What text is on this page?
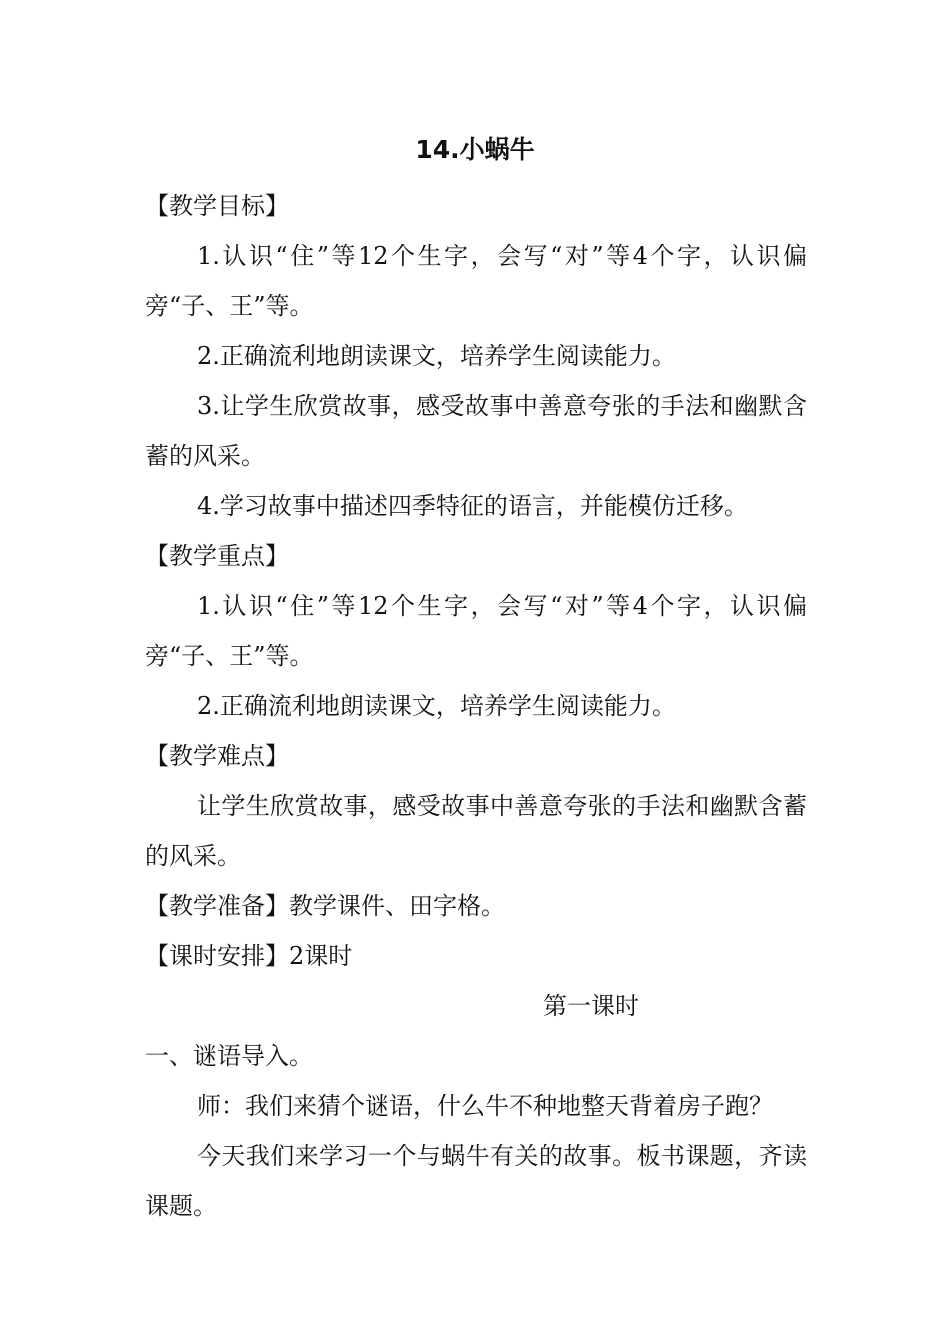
14.小蜗牛

【教学目标】

1.认识“住”等12个生字，会写“对”等4个字，认识偏旁“子、王”等。

2.正确流利地朗读课文，培养学生阅读能力。

3.让学生欣赏故事，感受故事中善意夸张的手法和幽默含蓄的风采。

4.学习故事中描述四季特征的语言，并能模仿迁移。

【教学重点】

1.认识“住”等12个生字，会写“对”等4个字，认识偏旁“子、王”等。

2.正确流利地朗读课文，培养学生阅读能力。

【教学难点】

让学生欣赏故事，感受故事中善意夸张的手法和幽默含蓄的风采。

【教学准备】教学课件、田字格。

【课时安排】2课时

第一课时

一、谜语导入。

师：我们来猜个谜语，什么牛不种地整天背着房子跑？

今天我们来学习一个与蜗牛有关的故事。板书课题，齐读课题。
